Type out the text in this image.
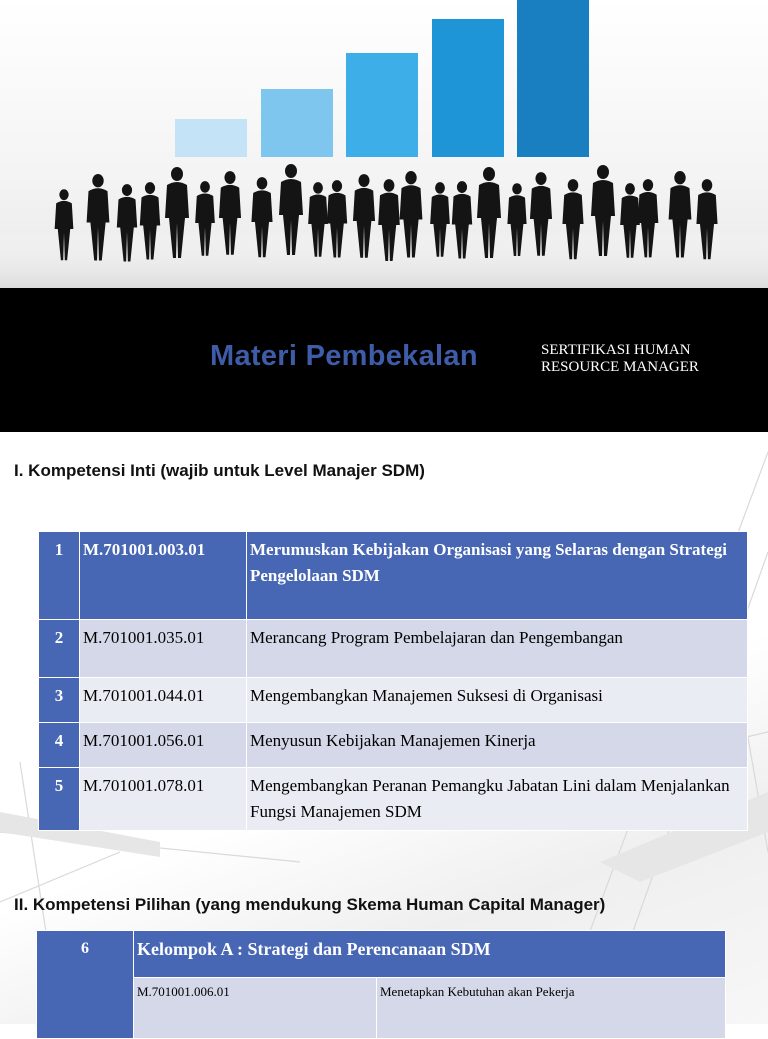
Materi Pembekalan	SERTIFIKASI HUMAN RESOURCE MANAGER
I. Kompetensi Inti (wajib untuk Level Manajer SDM)
1	M.701001.003.01	Merumuskan Kebijakan Organisasi yang Selaras dengan Strategi Pengelolaan SDM
2	M.701001.035.01	Merancang Program Pembelajaran dan Pengembangan
3	M.701001.044.01	Mengembangkan Manajemen Suksesi di Organisasi
4	M.701001.056.01	Menyusun Kebijakan Manajemen Kinerja
5	M.701001.078.01	Mengembangkan Peranan Pemangku Jabatan Lini dalam Menjalankan Fungsi Manajemen SDM
II. Kompetensi Pilihan (yang mendukung Skema Human Capital Manager)
6	Kelompok A : Strategi dan Perencanaan SDM	
	M.701001.006.01	Menetapkan Kebutuhan akan Pekerja
